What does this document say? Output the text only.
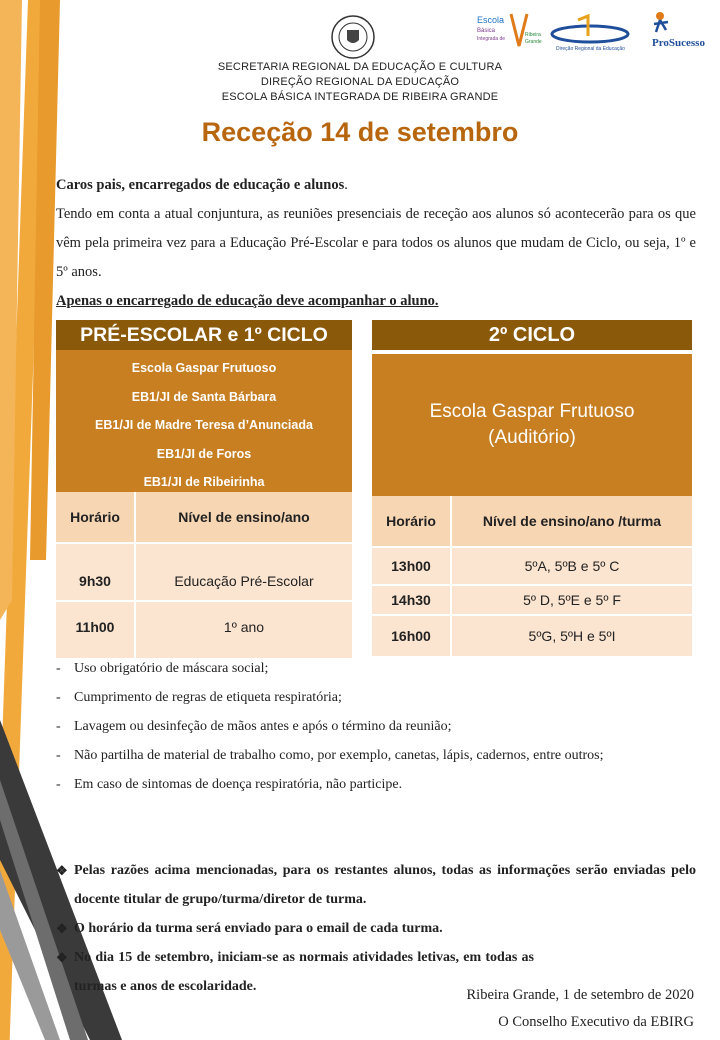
Escola
Básica
Integrada de
Ribeira
Grande
Direção Regional da Educação ProSucesso
SECRETARIA REGIONAL DA EDUCAÇÃO E CULTURA
DIREÇÃO REGIONAL DA EDUCAÇÃO
ESCOLA BÁSICA INTEGRADA DE RIBEIRA GRANDE
Receção 14 de setembro
Caros pais, encarregados de educação e alunos.
Tendo em conta a atual conjuntura, as reuniões presenciais de receção aos alunos só acontecerão para os que vêm pela primeira vez para a Educação Pré-Escolar e para todos os alunos que mudam de Ciclo, ou seja, 1º e 5º anos.
Apenas o encarregado de educação deve acompanhar o aluno.
PRÉ-ESCOLAR e 1º CICLO
Escola Gaspar Frutuoso
EB1/JI de Santa Bárbara
EB1/JI de Madre Teresa d’Anunciada
EB1/JI de Foros
EB1/JI de Ribeirinha
Horário	Nível de ensino/ano
9h30	Educação Pré-Escolar
11h00	1º ano
2º CICLO
Escola Gaspar Frutuoso
(Auditório)
Horário	Nível de ensino/ano /turma
13h00	5ºA, 5ºB e 5º C
14h30	5º D, 5ºE e 5º F
16h00	5ºG, 5ºH e 5ºI
- Uso obrigatório de máscara social;
- Cumprimento de regras de etiqueta respiratória;
- Lavagem ou desinfeção de mãos antes e após o término da reunião;
- Não partilha de material de trabalho como, por exemplo, canetas, lápis, cadernos, entre outros;
- Em caso de sintomas de doença respiratória, não participe.
❖ Pelas razões acima mencionadas, para os restantes alunos, todas as informações serão enviadas pelo docente titular de grupo/turma/diretor de turma.
❖ O horário da turma será enviado para o email de cada turma.
❖ No dia 15 de setembro, iniciam-se as normais atividades letivas, em todas as turmas e anos de escolaridade.
Ribeira Grande, 1 de setembro de 2020
O Conselho Executivo da EBIRG
